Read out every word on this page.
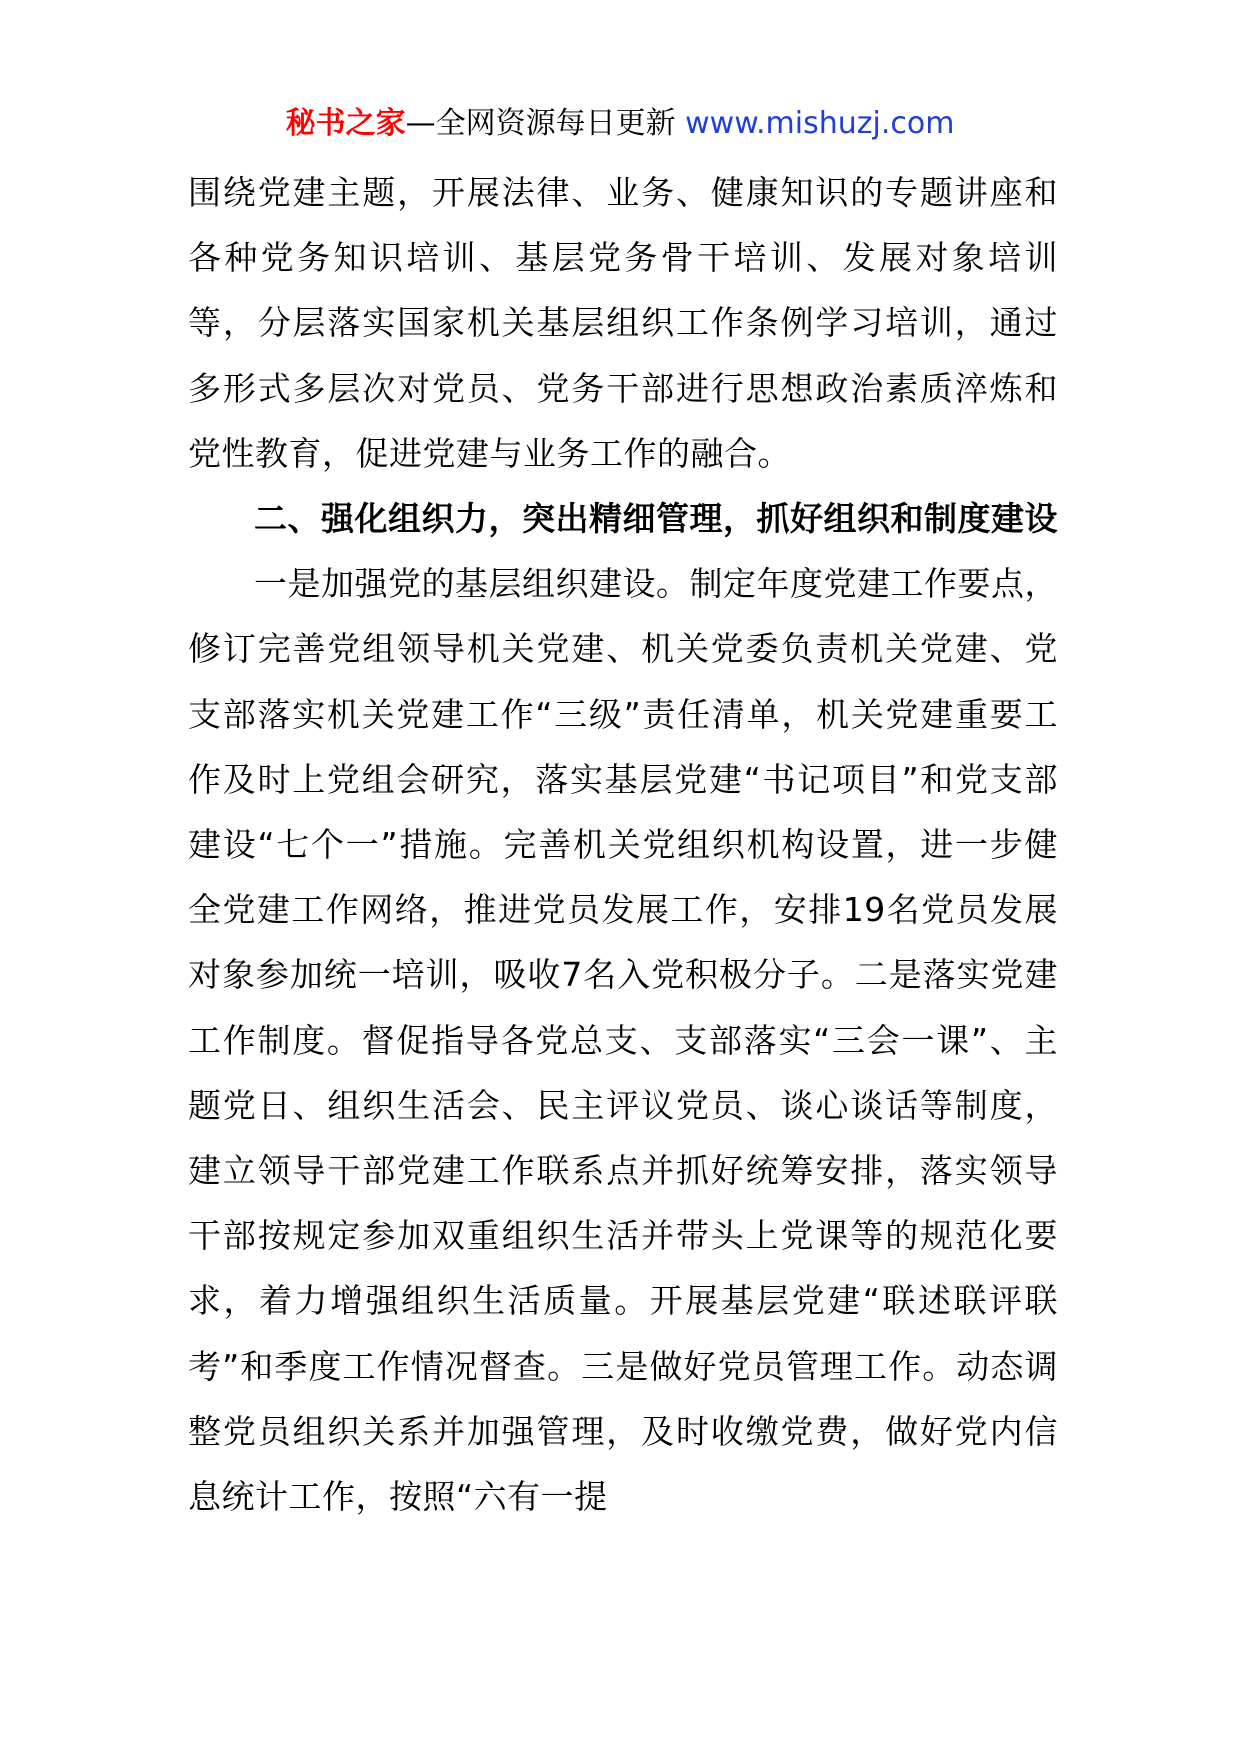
秘书之家—全网资源每日更新 www.mishuzj.com

围绕党建主题，开展法律、业务、健康知识的专题讲座和各种党务知识培训、基层党务骨干培训、发展对象培训等，分层落实国家机关基层组织工作条例学习培训，通过多形式多层次对党员、党务干部进行思想政治素质淬炼和党性教育，促进党建与业务工作的融合。

二、强化组织力，突出精细管理，抓好组织和制度建设

一是加强党的基层组织建设。制定年度党建工作要点，修订完善党组领导机关党建、机关党委负责机关党建、党支部落实机关党建工作“三级”责任清单，机关党建重要工作及时上党组会研究，落实基层党建“书记项目”和党支部建设“七个一”措施。完善机关党组织机构设置，进一步健全党建工作网络，推进党员发展工作，安排19名党员发展对象参加统一培训，吸收7名入党积极分子。二是落实党建工作制度。督促指导各党总支、支部落实“三会一课”、主题党日、组织生活会、民主评议党员、谈心谈话等制度，建立领导干部党建工作联系点并抓好统筹安排，落实领导干部按规定参加双重组织生活并带头上党课等的规范化要求，着力增强组织生活质量。开展基层党建“联述联评联考”和季度工作情况督查。三是做好党员管理工作。动态调整党员组织关系并加强管理，及时收缴党费，做好党内信息统计工作，按照“六有一提
